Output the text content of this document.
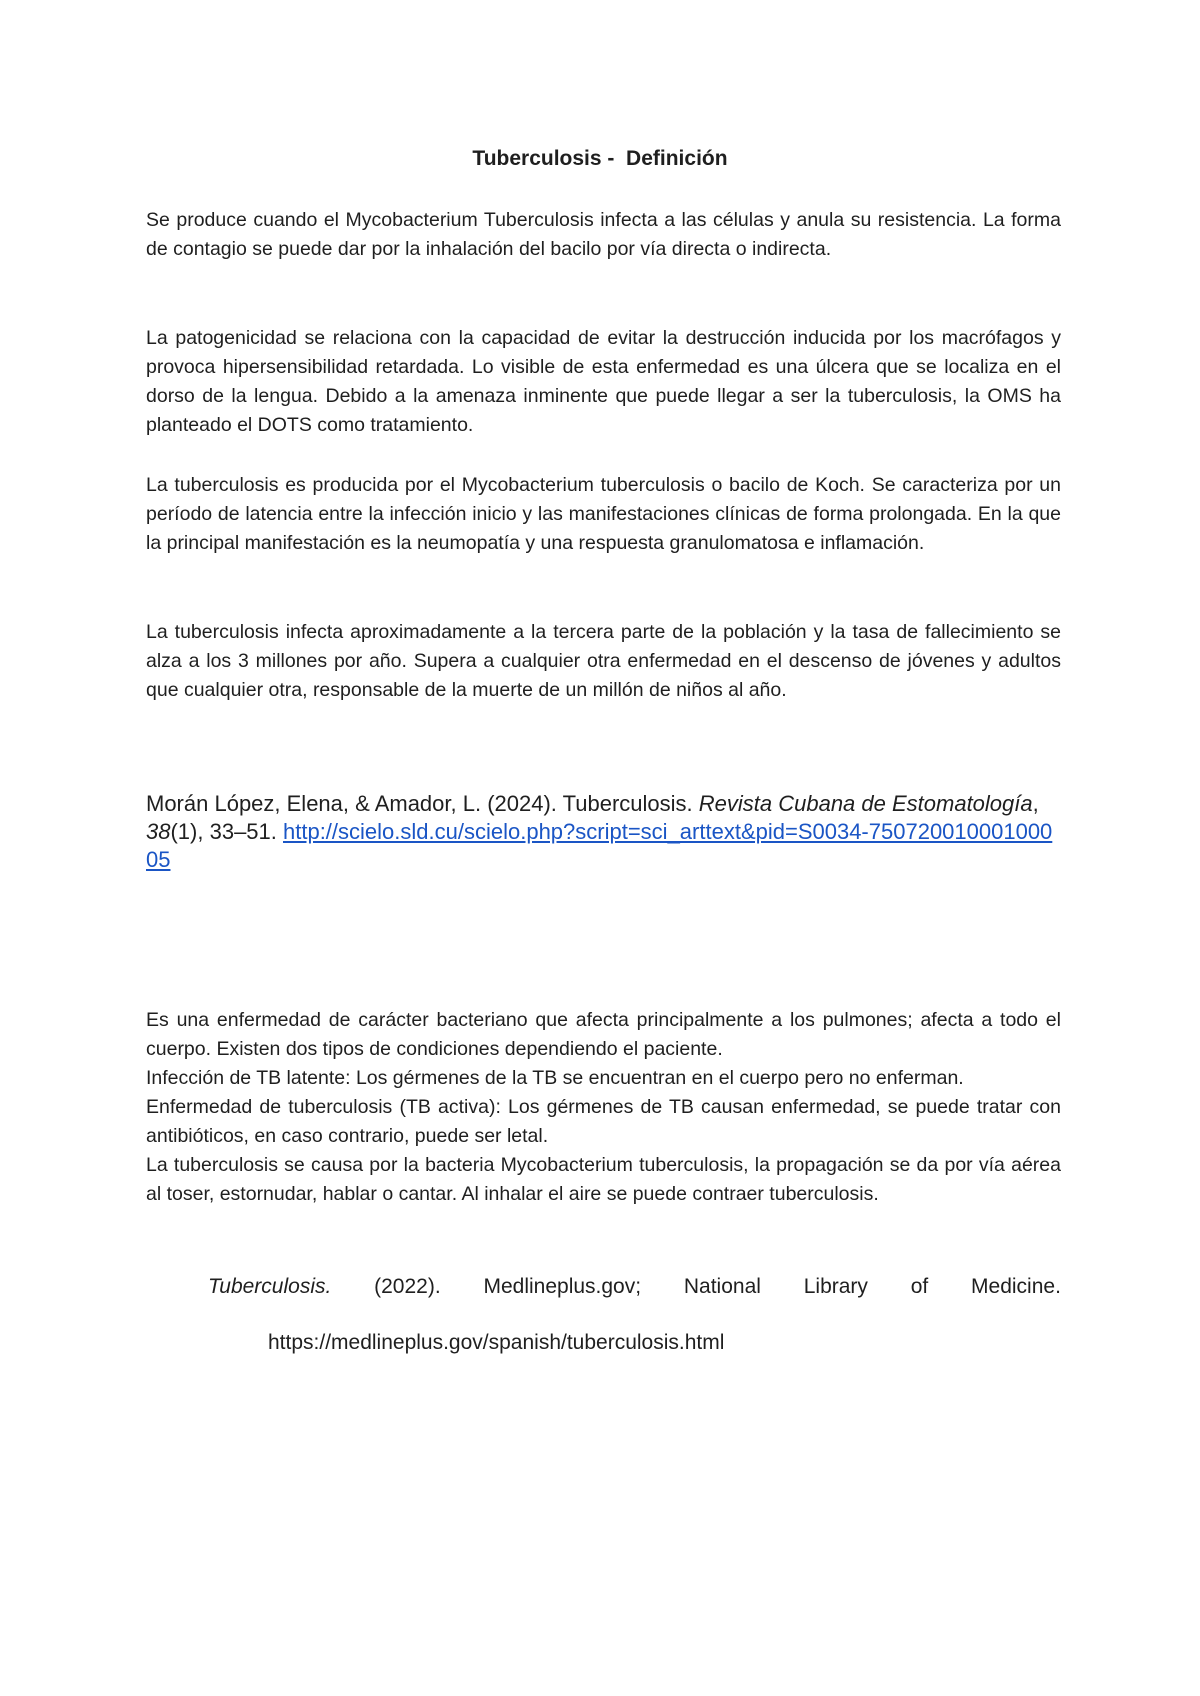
Tuberculosis -  Definición

Se produce cuando el Mycobacterium Tuberculosis infecta a las células y anula su resistencia. La forma de contagio se puede dar por la inhalación del bacilo por vía directa o indirecta.

La patogenicidad se relaciona con la capacidad de evitar la destrucción inducida por los macrófagos y provoca hipersensibilidad retardada. Lo visible de esta enfermedad es una úlcera que se localiza en el dorso de la lengua. Debido a la amenaza inminente que puede llegar a ser la tuberculosis, la OMS ha planteado el DOTS como tratamiento.

La tuberculosis es producida por el Mycobacterium tuberculosis o bacilo de Koch. Se caracteriza por un período de latencia entre la infección inicio y las manifestaciones clínicas de forma prolongada. En la que la principal manifestación es la neumopatía y una respuesta granulomatosa e inflamación.

La tuberculosis infecta aproximadamente a la tercera parte de la población y la tasa de fallecimiento se alza a los 3 millones por año. Supera a cualquier otra enfermedad en el descenso de jóvenes y adultos que cualquier otra, responsable de la muerte de un millón de niños al año.

Morán López, Elena, & Amador, L. (2024). Tuberculosis. Revista Cubana de Estomatología, 38(1), 33–51. http://scielo.sld.cu/scielo.php?script=sci_arttext&pid=S0034-75072001000100005

Es una enfermedad de carácter bacteriano que afecta principalmente a los pulmones; afecta a todo el cuerpo. Existen dos tipos de condiciones dependiendo el paciente.

Infección de TB latente: Los gérmenes de la TB se encuentran en el cuerpo pero no enferman.

Enfermedad de tuberculosis (TB activa): Los gérmenes de TB causan enfermedad, se puede tratar con antibióticos, en caso contrario, puede ser letal.

La tuberculosis se causa por la bacteria Mycobacterium tuberculosis, la propagación se da por vía aérea al toser, estornudar, hablar o cantar. Al inhalar el aire se puede contraer tuberculosis.

Tuberculosis. (2022). Medlineplus.gov; National Library of Medicine.
https://medlineplus.gov/spanish/tuberculosis.html
